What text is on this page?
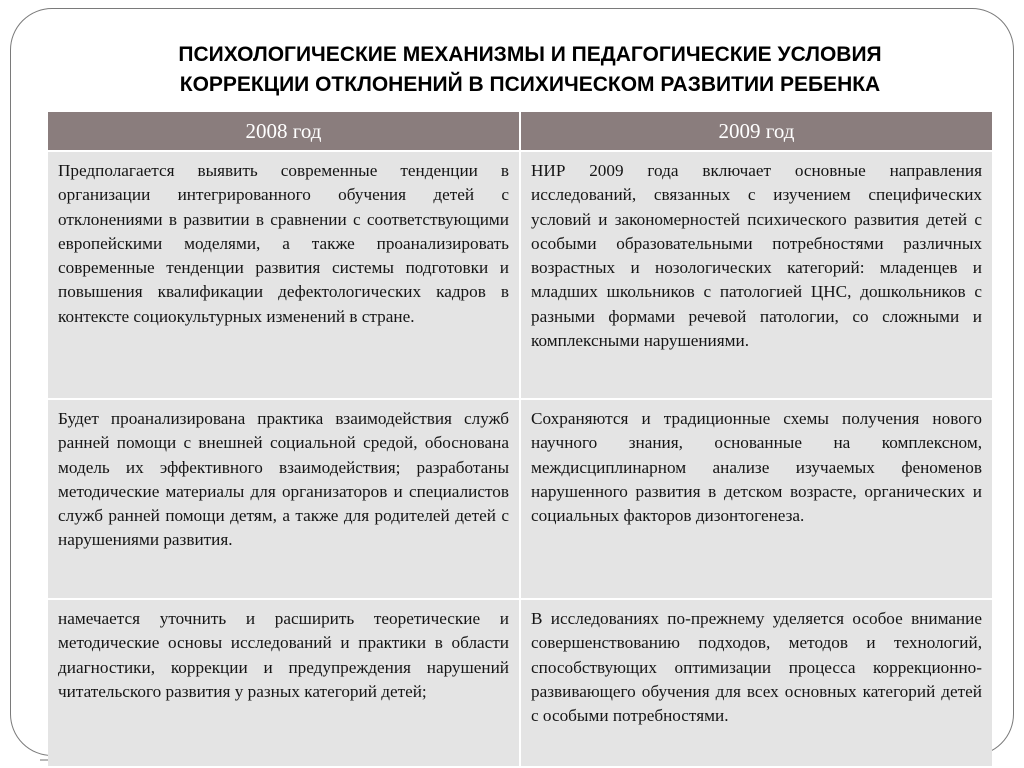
ПСИХОЛОГИЧЕСКИЕ МЕХАНИЗМЫ И ПЕДАГОГИЧЕСКИЕ УСЛОВИЯ
КОРРЕКЦИИ ОТКЛОНЕНИЙ В ПСИХИЧЕСКОМ РАЗВИТИИ РЕБЕНКА
2008 год	2009 год
Предполагается выявить современные тенденции в организации интегрированного обучения детей с отклонениями в развитии в сравнении с соответствующими европейскими моделями, а также проанализировать современные тенденции развития системы подготовки и повышения квалификации дефектологических кадров в контексте социокультурных изменений в стране.
НИР 2009 года включает основные направления исследований, связанных с изучением специфических условий и закономерностей психического развития детей с особыми образовательными потребностями различных возрастных и нозологических категорий: младенцев и младших школьников с патологией ЦНС, дошкольников с разными формами речевой патологии, со сложными и комплексными нарушениями.
Будет проанализирована практика взаимодействия служб ранней помощи с внешней социальной средой, обоснована модель их эффективного взаимодействия; разработаны методические материалы для организаторов и специалистов служб ранней помощи детям, а также для родителей детей с нарушениями развития.
Сохраняются и традиционные схемы получения нового научного знания, основанные на комплексном, междисциплинарном анализе изучаемых феноменов нарушенного развития в детском возрасте, органических и социальных факторов дизонтогенеза.
намечается уточнить и расширить теоретические и методические основы исследований и практики в области диагностики, коррекции и предупреждения нарушений читательского развития у разных категорий детей;
В исследованиях по-прежнему уделяется особое внимание совершенствованию подходов, методов и технологий, способствующих оптимизации процесса коррекционно-развивающего обучения для всех основных категорий детей с особыми потребностями.
